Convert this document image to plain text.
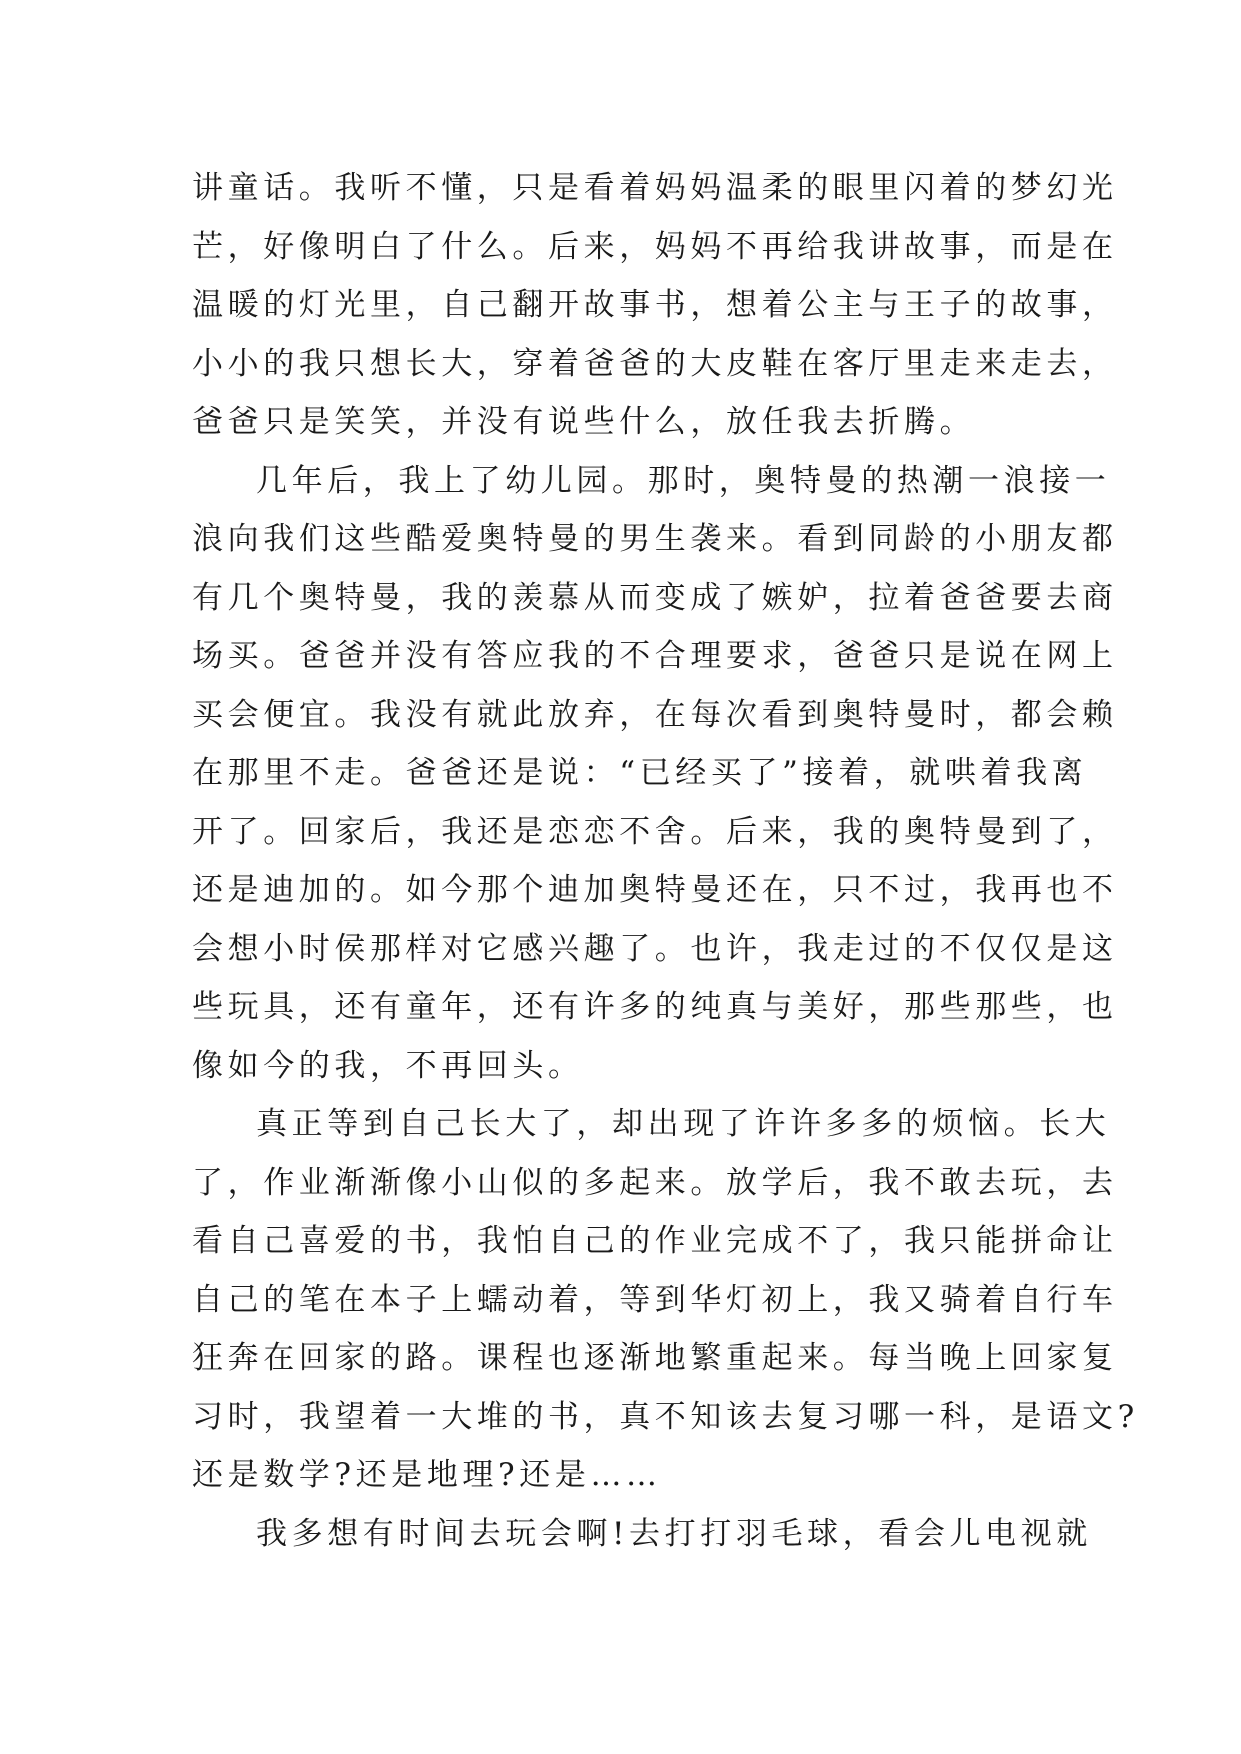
讲童话。我听不懂，只是看着妈妈温柔的眼里闪着的梦幻光
芒，好像明白了什么。后来，妈妈不再给我讲故事，而是在
温暖的灯光里，自己翻开故事书，想着公主与王子的故事，
小小的我只想长大，穿着爸爸的大皮鞋在客厅里走来走去，
爸爸只是笑笑，并没有说些什么，放任我去折腾。
几年后，我上了幼儿园。那时，奥特曼的热潮一浪接一
浪向我们这些酷爱奥特曼的男生袭来。看到同龄的小朋友都
有几个奥特曼，我的羡慕从而变成了嫉妒，拉着爸爸要去商
场买。爸爸并没有答应我的不合理要求，爸爸只是说在网上
买会便宜。我没有就此放弃，在每次看到奥特曼时，都会赖
在那里不走。爸爸还是说：“已经买了”接着，就哄着我离
开了。回家后，我还是恋恋不舍。后来，我的奥特曼到了，
还是迪加的。如今那个迪加奥特曼还在，只不过，我再也不
会想小时侯那样对它感兴趣了。也许，我走过的不仅仅是这
些玩具，还有童年，还有许多的纯真与美好，那些那些，也
像如今的我，不再回头。
真正等到自己长大了，却出现了许许多多的烦恼。长大
了，作业渐渐像小山似的多起来。放学后，我不敢去玩，去
看自己喜爱的书，我怕自己的作业完成不了，我只能拼命让
自己的笔在本子上蠕动着，等到华灯初上，我又骑着自行车
狂奔在回家的路。课程也逐渐地繁重起来。每当晚上回家复
习时，我望着一大堆的书，真不知该去复习哪一科，是语文?
还是数学?还是地理?还是……
我多想有时间去玩会啊!去打打羽毛球，看会儿电视就
